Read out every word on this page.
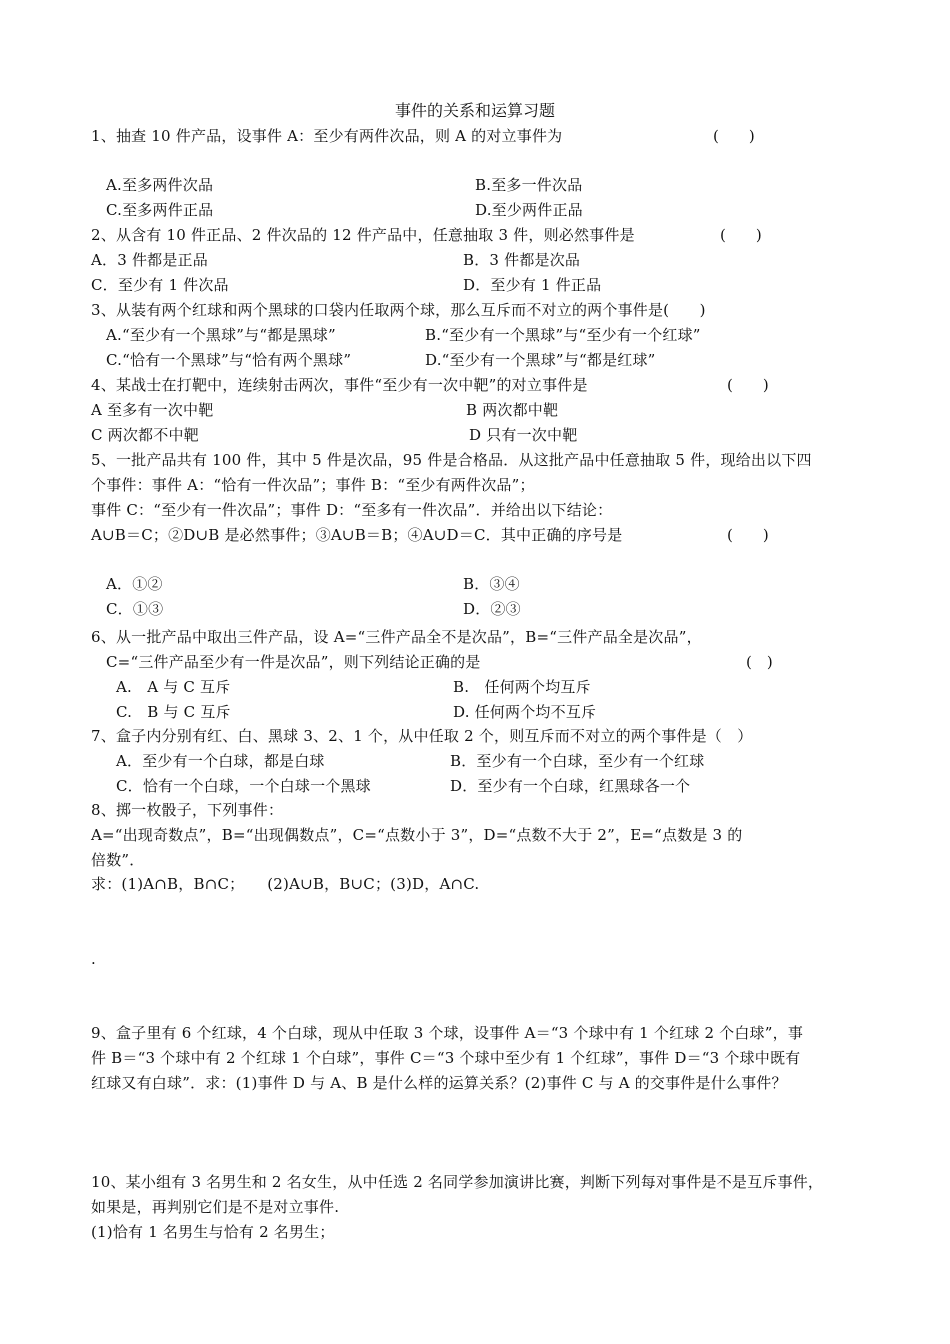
事件的关系和运算习题
1、抽查 10 件产品，设事件 A：至少有两件次品，则 A 的对立事件为	(　　)
A.至多两件次品	B.至多一件次品
C.至多两件正品	D.至少两件正品
2、从含有 10 件正品、2 件次品的 12 件产品中，任意抽取 3 件，则必然事件是	(　　)
A．3 件都是正品	B．3 件都是次品
C．至少有 1 件次品	D．至少有 1 件正品
3、从装有两个红球和两个黑球的口袋内任取两个球，那么互斥而不对立的两个事件是(　　)
A.“至少有一个黑球”与“都是黑球”	B.“至少有一个黑球”与“至少有一个红球”
C.“恰有一个黑球”与“恰有两个黑球”	D.“至少有一个黑球”与“都是红球”
4、某战士在打靶中，连续射击两次，事件“至少有一次中靶”的对立事件是	(　　)
A 至多有一次中靶	B 两次都中靶
C 两次都不中靶	D 只有一次中靶
5、一批产品共有 100 件，其中 5 件是次品，95 件是合格品．从这批产品中任意抽取 5 件，现给出以下四
个事件：事件 A：“恰有一件次品”；事件 B：“至少有两件次品”；
事件 C：“至少有一件次品”；事件 D：“至多有一件次品”．并给出以下结论：
A∪B＝C；②D∪B 是必然事件；③A∪B＝B；④A∪D＝C．其中正确的序号是	(　　)
A．①②	B．③④
C．①③	D．②③
6、从一批产品中取出三件产品，设 A=“三件产品全不是次品”，B=“三件产品全是次品”，
C=“三件产品至少有一件是次品”，则下列结论正确的是	(　)
A.　A 与 C 互斥	B.　任何两个均互斥
C.　B 与 C 互斥	D. 任何两个均不互斥
7、盒子内分别有红、白、黑球 3、2、1 个，从中任取 2 个，则互斥而不对立的两个事件是（　）
A．至少有一个白球，都是白球	B．至少有一个白球，至少有一个红球
C．恰有一个白球，一个白球一个黑球	D．至少有一个白球，红黑球各一个
8、掷一枚骰子，下列事件：
A=“出现奇数点”，B=“出现偶数点”，C=“点数小于 3”，D=“点数不大于 2”，E=“点数是 3 的
倍数”．
求：(1)A∩B，B∩C；　　(2)A∪B，B∪C；(3)D，A∩C.
.
9、盒子里有 6 个红球，4 个白球，现从中任取 3 个球，设事件 A＝“3 个球中有 1 个红球 2 个白球”，事
件 B＝“3 个球中有 2 个红球 1 个白球”，事件 C＝“3 个球中至少有 1 个红球”，事件 D＝“3 个球中既有
红球又有白球”．求：(1)事件 D 与 A、B 是什么样的运算关系？(2)事件 C 与 A 的交事件是什么事件？
10、某小组有 3 名男生和 2 名女生，从中任选 2 名同学参加演讲比赛，判断下列每对事件是不是互斥事件，
如果是，再判别它们是不是对立事件.
(1)恰有 1 名男生与恰有 2 名男生；
